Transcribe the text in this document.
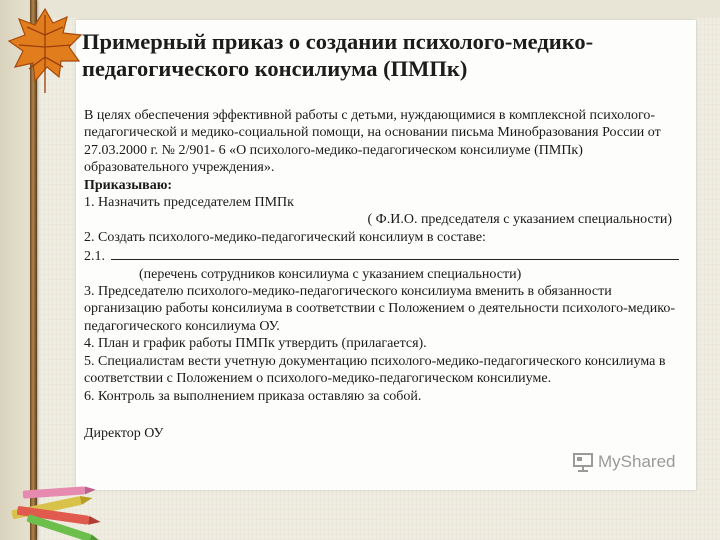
Примерный приказ о создании психолого-медико-педагогического консилиума (ПМПк)

В целях обеспечения эффективной работы с детьми, нуждающимися в комплексной психолого-педагогической и медико-социальной помощи, на основании письма Минобразования России от 27.03.2000 г. № 2/901- 6 «О психолого-медико-педагогическом консилиуме (ПМПк) образовательного учреждения».

Приказываю:

1. Назначить председателем ПМПк

( Ф.И.О. председателя с указанием специальности)

2. Создать психолого-медико-педагогический консилиум в составе:

2.1.

(перечень сотрудников консилиума с указанием специальности)

3. Председателю психолого-медико-педагогического консилиума вменить в обязанности организацию работы консилиума в соответствии с Положением о деятельности психолого-медико-педагогического консилиума ОУ.

4. План и график работы ПМПк утвердить (прилагается).

5. Специалистам вести учетную документацию психолого-медико-педагогического консилиума в соответствии с Положением о психолого-медико-педагогическом консилиуме.

6. Контроль за выполнением приказа оставляю за собой.

Директор ОУ

MyShared
